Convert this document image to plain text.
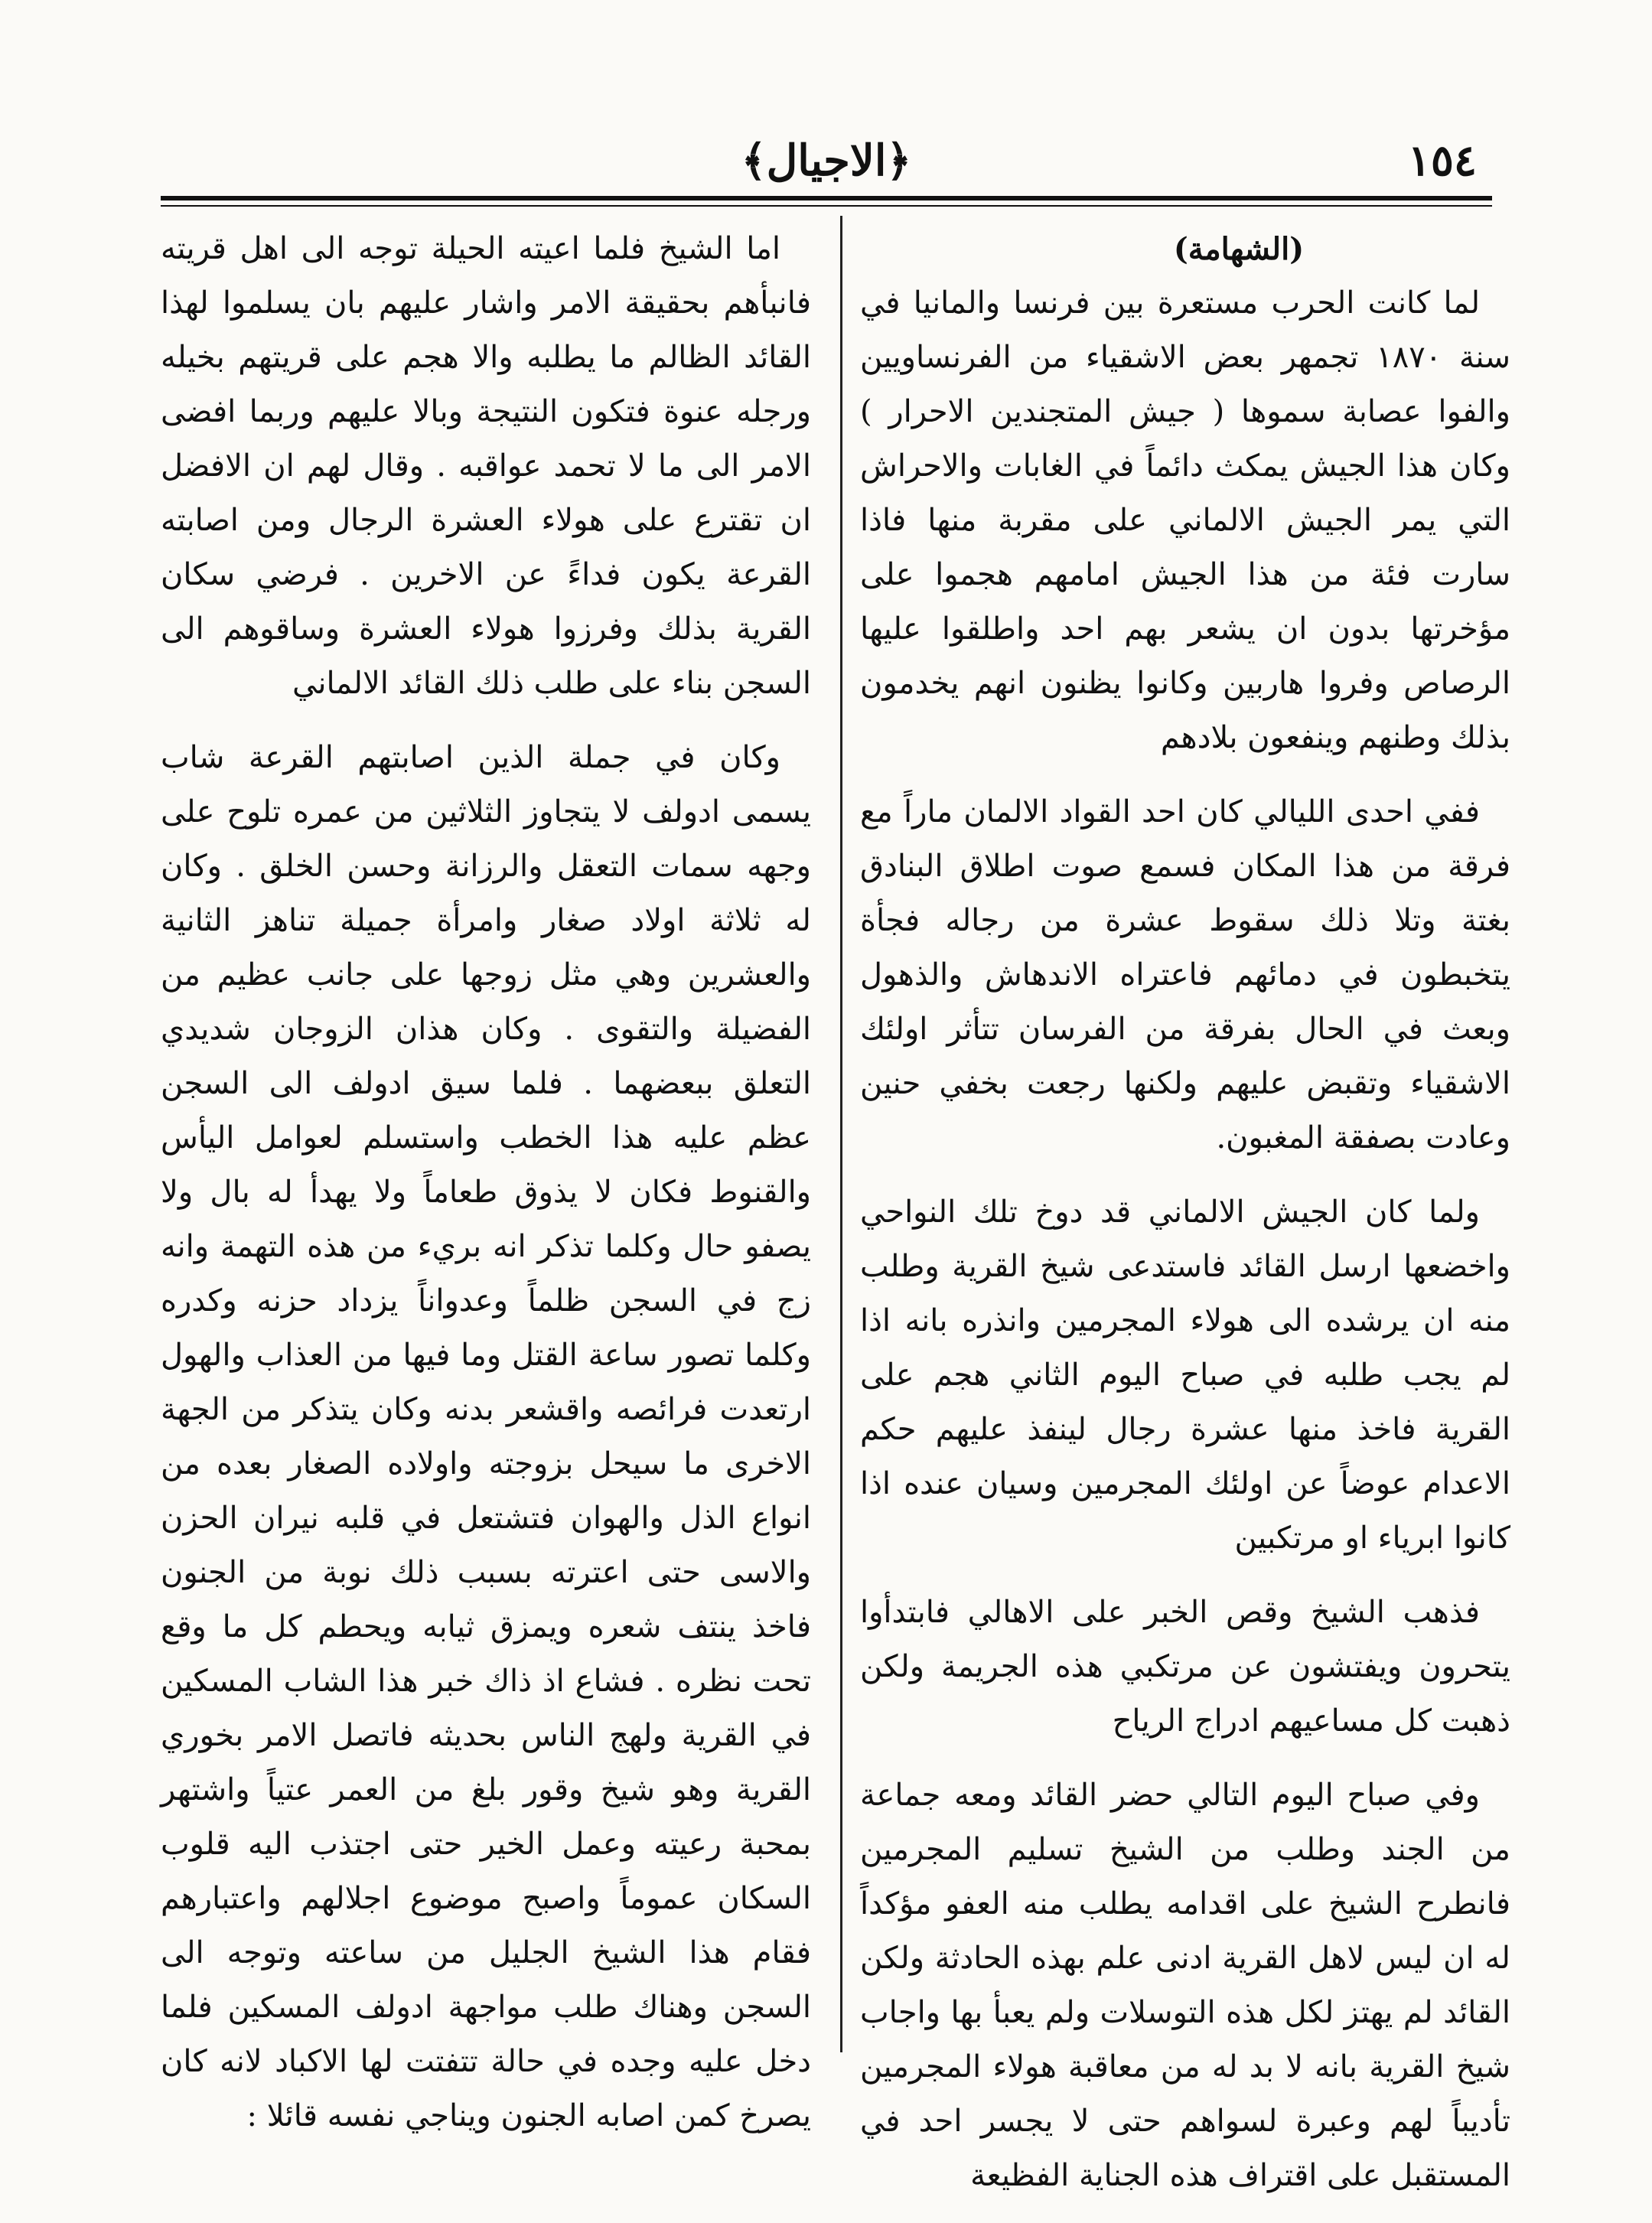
١٥٤
﴿الاجيال﴾
(الشهامة)

لما كانت الحرب مستعرة بين فرنسا والمانيا في سنة ١٨٧٠ تجمهر بعض الاشقياء من الفرنساويين والفوا عصابة سموها ( جيش المتجندين الاحرار ) وكان هذا الجيش يمكث دائماً في الغابات والاحراش التي يمر الجيش الالماني على مقربة منها فاذا سارت فئة من هذا الجيش امامهم هجموا على مؤخرتها بدون ان يشعر بهم احد واطلقوا عليها الرصاص وفروا هاربين وكانوا يظنون انهم يخدمون بذلك وطنهم وينفعون بلادهم

ففي احدى الليالي كان احد القواد الالمان ماراً مع فرقة من هذا المكان فسمع صوت اطلاق البنادق بغتة وتلا ذلك سقوط عشرة من رجاله فجأة يتخبطون في دمائهم فاعتراه الاندهاش والذهول وبعث في الحال بفرقة من الفرسان تتأثر اولئك الاشقياء وتقبض عليهم ولكنها رجعت بخفي حنين وعادت بصفقة المغبون.

ولما كان الجيش الالماني قد دوخ تلك النواحي واخضعها ارسل القائد فاستدعى شيخ القرية وطلب منه ان يرشده الى هولاء المجرمين وانذره بانه اذا لم يجب طلبه في صباح اليوم الثاني هجم على القرية فاخذ منها عشرة رجال لينفذ عليهم حكم الاعدام عوضاً عن اولئك المجرمين وسيان عنده اذا كانوا ابرياء او مرتكبين

فذهب الشيخ وقص الخبر على الاهالي فابتدأوا يتحرون ويفتشون عن مرتكبي هذه الجريمة ولكن ذهبت كل مساعيهم ادراج الرياح

وفي صباح اليوم التالي حضر القائد ومعه جماعة من الجند وطلب من الشيخ تسليم المجرمين فانطرح الشيخ على اقدامه يطلب منه العفو مؤكداً له ان ليس لاهل القرية ادنى علم بهذه الحادثة ولكن القائد لم يهتز لكل هذه التوسلات ولم يعبأ بها واجاب شيخ القرية بانه لا بد له من معاقبة هولاء المجرمين تأديباً لهم وعبرة لسواهم حتى لا يجسر احد في المستقبل على اقتراف هذه الجناية الفظيعة

اما الشيخ فلما اعيته الحيلة توجه الى اهل قريته فانبأهم بحقيقة الامر واشار عليهم بان يسلموا لهذا القائد الظالم ما يطلبه والا هجم على قريتهم بخيله ورجله عنوة فتكون النتيجة وبالا عليهم وربما افضى الامر الى ما لا تحمد عواقبه . وقال لهم ان الافضل ان تقترع على هولاء العشرة الرجال ومن اصابته القرعة يكون فداءً عن الاخرين . فرضي سكان القرية بذلك وفرزوا هولاء العشرة وساقوهم الى السجن بناء على طلب ذلك القائد الالماني

وكان في جملة الذين اصابتهم القرعة شاب يسمى ادولف لا يتجاوز الثلاثين من عمره تلوح على وجهه سمات التعقل والرزانة وحسن الخلق . وكان له ثلاثة اولاد صغار وامرأة جميلة تناهز الثانية والعشرين وهي مثل زوجها على جانب عظيم من الفضيلة والتقوى . وكان هذان الزوجان شديدي التعلق ببعضهما . فلما سيق ادولف الى السجن عظم عليه هذا الخطب واستسلم لعوامل اليأس والقنوط فكان لا يذوق طعاماً ولا يهدأ له بال ولا يصفو حال وكلما تذكر انه بريء من هذه التهمة وانه زج في السجن ظلماً وعدواناً يزداد حزنه وكدره وكلما تصور ساعة القتل وما فيها من العذاب والهول ارتعدت فرائصه واقشعر بدنه وكان يتذكر من الجهة الاخرى ما سيحل بزوجته واولاده الصغار بعده من انواع الذل والهوان فتشتعل في قلبه نيران الحزن والاسى حتى اعترته بسبب ذلك نوبة من الجنون فاخذ ينتف شعره ويمزق ثيابه ويحطم كل ما وقع تحت نظره . فشاع اذ ذاك خبر هذا الشاب المسكين في القرية ولهج الناس بحديثه فاتصل الامر بخوري القرية وهو شيخ وقور بلغ من العمر عتياً واشتهر بمحبة رعيته وعمل الخير حتى اجتذب اليه قلوب السكان عموماً واصبح موضوع اجلالهم واعتبارهم فقام هذا الشيخ الجليل من ساعته وتوجه الى السجن وهناك طلب مواجهة ادولف المسكين فلما دخل عليه وجده في حالة تتفتت لها الاكباد لانه كان يصرخ كمن اصابه الجنون ويناجي نفسه قائلا :
